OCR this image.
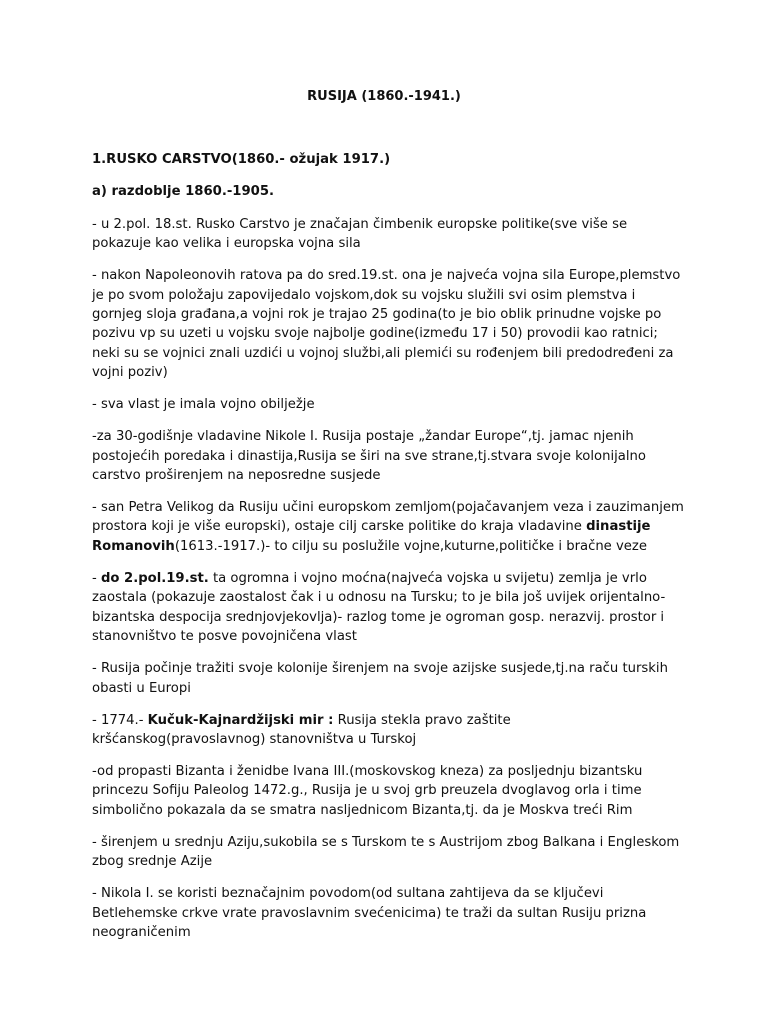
RUSIJA (1860.-1941.)

1.RUSKO CARSTVO(1860.- ožujak 1917.)

a) razdoblje 1860.-1905.

- u 2.pol. 18.st. Rusko Carstvo je značajan čimbenik europske politike(sve više se pokazuje kao velika i europska vojna sila

- nakon Napoleonovih ratova pa do sred.19.st. ona je najveća vojna sila Europe,plemstvo je po svom položaju zapovijedalo vojskom,dok su vojsku služili svi osim plemstva i gornjeg sloja građana,a vojni rok je trajao 25 godina(to je bio oblik prinudne vojske po pozivu vp su uzeti u vojsku svoje najbolje godine(između 17 i 50) provodii kao ratnici; neki su se vojnici znali uzdići u vojnoj službi,ali plemići su rođenjem bili predodređeni za vojni poziv)

- sva vlast je imala vojno obilježje

-za 30-godišnje vladavine Nikole I. Rusija postaje „žandar Europe“,tj. jamac njenih postojećih poredaka i dinastija,Rusija se širi na sve strane,tj.stvara svoje kolonijalno carstvo proširenjem na neposredne susjede

- san Petra Velikog da Rusiju učini europskom zemljom(pojačavanjem veza i zauzimanjem prostora koji je više europski), ostaje cilj carske politike do kraja vladavine dinastije Romanovih(1613.-1917.)- to cilju su poslužile vojne,kuturne,političke i bračne veze

- do 2.pol.19.st. ta ogromna i vojno moćna(najveća vojska u svijetu) zemlja je vrlo zaostala (pokazuje zaostalost čak i u odnosu na Tursku; to je bila još uvijek orijentalno-bizantska despocija srednjovjekovlja)- razlog tome je ogroman gosp. nerazvij. prostor i stanovništvo te posve povojničena vlast

- Rusija počinje tražiti svoje kolonije širenjem na svoje azijske susjede,tj.na raču turskih obasti u Europi

- 1774.- Kučuk-Kajnardžijski mir : Rusija stekla pravo zaštite kršćanskog(pravoslavnog) stanovništva u Turskoj

-od propasti Bizanta i ženidbe Ivana III.(moskovskog kneza) za posljednju bizantsku princezu Sofiju Paleolog 1472.g., Rusija je u svoj grb preuzela dvoglavog orla i time simbolično pokazala da se smatra nasljednicom Bizanta,tj. da je Moskva treći Rim

- širenjem u srednju Aziju,sukobila se s Turskom te s Austrijom zbog Balkana i Engleskom zbog srednje Azije

- Nikola I. se koristi beznačajnim povodom(od sultana zahtijeva da se ključevi Betlehemske crkve vrate pravoslavnim svećenicima) te traži da sultan Rusiju prizna neograničenim
